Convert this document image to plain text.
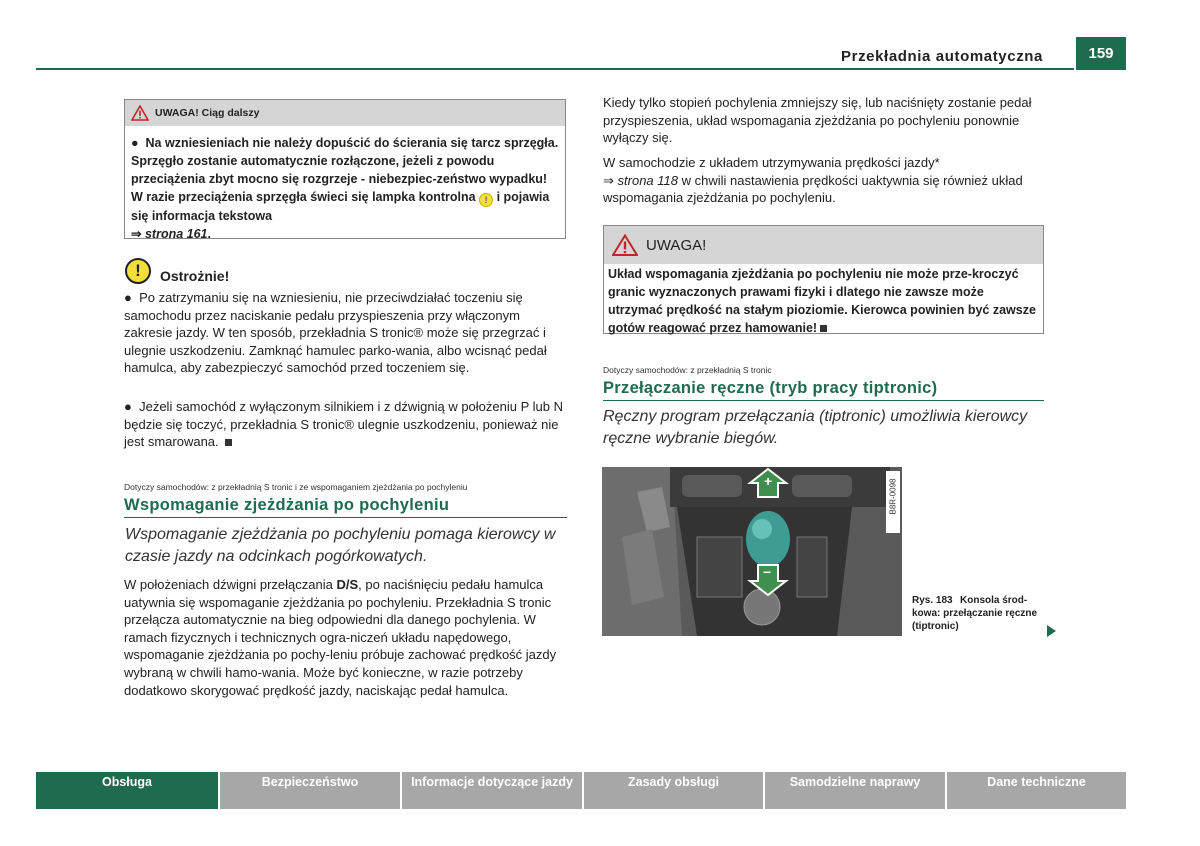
Przekładnia automatyczna	159
UWAGA! Ciąg dalszy
● Na wzniesieniach nie należy dopuścić do ścierania się tarcz sprzęgła. Sprzęgło zostanie automatycznie rozłączone, jeżeli z powodu przeciążenia zbyt mocno się rozgrzeje - niebezpiec-zeństwo wypadku! W razie przeciążenia sprzęgła świeci się lampka kontrolna ! i pojawia się informacja tekstowa
⇒ strona 161.
!	Ostrożnie!
● Po zatrzymaniu się na wzniesieniu, nie przeciwdziałać toczeniu się samochodu przez naciskanie pedału przyspieszenia przy włączonym zakresie jazdy. W ten sposób, przekładnia S tronic® może się przegrzać i ulegnie uszkodzeniu. Zamknąć hamulec parko-wania, albo wcisnąć pedał hamulca, aby zabezpieczyć samochód przed toczeniem się.
● Jeżeli samochód z wyłączonym silnikiem i z dźwignią w położeniu P lub N będzie się toczyć, przekładnia S tronic® ulegnie uszkodzeniu, ponieważ nie jest smarowana.
Dotyczy samochodów: z przekładnią S tronic i ze wspomaganiem zjeżdżania po pochyleniu
Wspomaganie zjeżdżania po pochyleniu
Wspomaganie zjeżdżania po pochyleniu pomaga kierowcy w czasie jazdy na odcinkach pogórkowatych.
W położeniach dźwigni przełączania D/S, po naciśnięciu pedału hamulca uatywnia się wspomaganie zjeżdżania po pochyleniu. Przekładnia S tronic przełącza automatycznie na bieg odpowiedni dla danego pochylenia. W ramach fizycznych i technicznych ogra-niczeń układu napędowego, wspomaganie zjeżdżania po pochy-leniu próbuje zachować prędkość jazdy wybraną w chwili hamo-wania. Może być konieczne, w razie potrzeby dodatkowo skorygować prędkość jazdy, naciskając pedał hamulca.
Kiedy tylko stopień pochylenia zmniejszy się, lub naciśnięty zostanie pedał przyspieszenia, układ wspomagania zjeżdżania po pochyleniu ponownie wyłączy się.
W samochodzie z układem utrzymywania prędkości jazdy*
⇒ strona 118 w chwili nastawienia prędkości uaktywnia się również układ wspomagania zjeżdżania po pochyleniu.
UWAGA!
Układ wspomagania zjeżdżania po pochyleniu nie może prze-kroczyć granic wyznaczonych prawami fizyki i dlatego nie zawsze może utrzymać prędkość na stałym pioziomie. Kierowca powinien być zawsze gotów reagować przez hamowanie!
Dotyczy samochodów: z przekładnią S tronic
Przełączanie ręczne (tryb pracy tiptronic)
Ręczny program przełączania (tiptronic) umożliwia kierowcy ręczne wybranie biegów.
+
−
B8R-0098
Rys. 183 Konsola środ-kowa: przełączanie ręczne (tiptronic)
Obsługa	Bezpieczeństwo	Informacje dotyczące jazdy	Zasady obsługi	Samodzielne naprawy	Dane techniczne
